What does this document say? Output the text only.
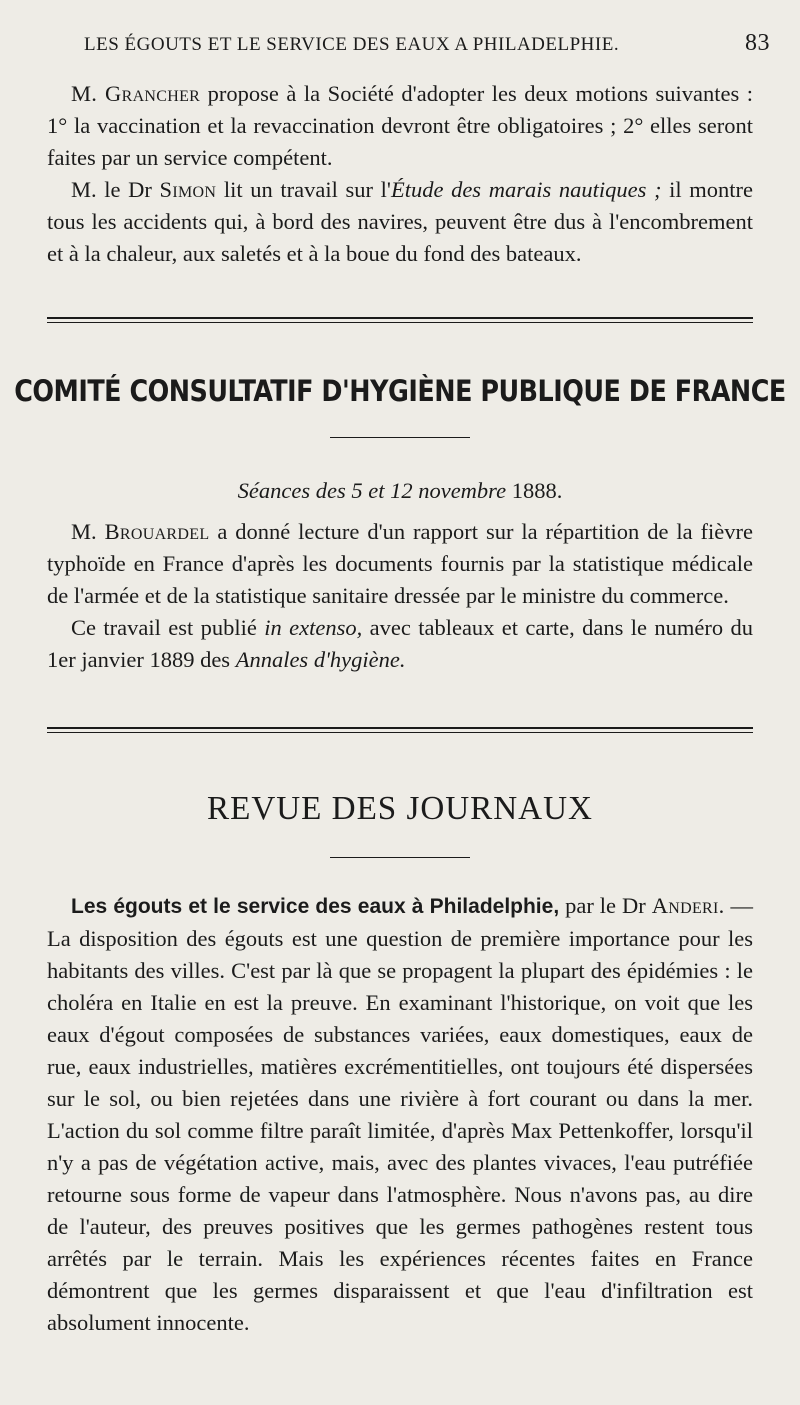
LES ÉGOUTS ET LE SERVICE DES EAUX A PHILADELPHIE.	83

M. Grancher propose à la Société d'adopter les deux motions suivantes : 1° la vaccination et la revaccination devront être obligatoires ; 2° elles seront faites par un service compétent.

M. le Dr Simon lit un travail sur l'Étude des marais nautiques ; il montre tous les accidents qui, à bord des navires, peuvent être dus à l'encombrement et à la chaleur, aux saletés et à la boue du fond des bateaux.

COMITÉ CONSULTATIF D'HYGIÈNE PUBLIQUE DE FRANCE
Séances des 5 et 12 novembre 1888.

M. Brouardel a donné lecture d'un rapport sur la répartition de la fièvre typhoïde en France d'après les documents fournis par la statistique médicale de l'armée et de la statistique sanitaire dressée par le ministre du commerce.

Ce travail est publié in extenso, avec tableaux et carte, dans le numéro du 1er janvier 1889 des Annales d'hygiène.

REVUE DES JOURNAUX

Les égouts et le service des eaux à Philadelphie, par le Dr Anderi. — La disposition des égouts est une question de première importance pour les habitants des villes. C'est par là que se propagent la plupart des épidémies : le choléra en Italie en est la preuve. En examinant l'historique, on voit que les eaux d'égout composées de substances variées, eaux domestiques, eaux de rue, eaux industrielles, matières excrémentitielles, ont toujours été dispersées sur le sol, ou bien rejetées dans une rivière à fort courant ou dans la mer. L'action du sol comme filtre paraît limitée, d'après Max Pettenkoffer, lorsqu'il n'y a pas de végétation active, mais, avec des plantes vivaces, l'eau putréfiée retourne sous forme de vapeur dans l'atmosphère. Nous n'avons pas, au dire de l'auteur, des preuves positives que les germes pathogènes restent tous arrêtés par le terrain. Mais les expériences récentes faites en France démontrent que les germes disparaissent et que l'eau d'infiltration est absolument innocente.
